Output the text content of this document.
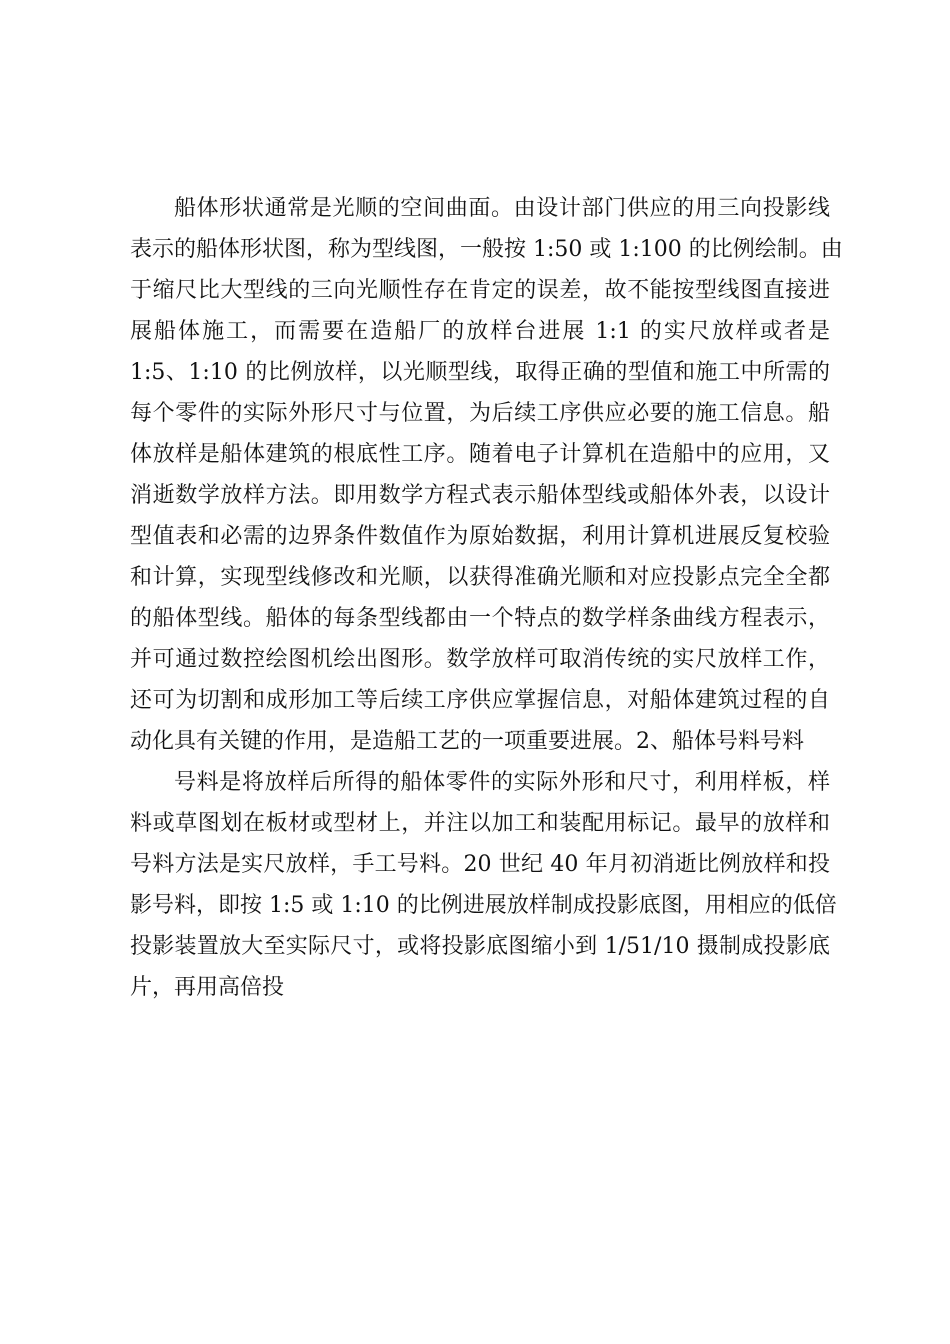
船体形状通常是光顺的空间曲面。由设计部门供应的用三向投影线
表示的船体形状图，称为型线图，一般按 1:50 或 1:100 的比例绘制。由
于缩尺比大型线的三向光顺性存在肯定的误差，故不能按型线图直接进
展船体施工，而需要在造船厂的放样台进展 1:1 的实尺放样或者是
1:5、1:10 的比例放样，以光顺型线，取得正确的型值和施工中所需的
每个零件的实际外形尺寸与位置，为后续工序供应必要的施工信息。船
体放样是船体建筑的根底性工序。随着电子计算机在造船中的应用，又
消逝数学放样方法。即用数学方程式表示船体型线或船体外表，以设计
型值表和必需的边界条件数值作为原始数据，利用计算机进展反复校验
和计算，实现型线修改和光顺，以获得准确光顺和对应投影点完全全都
的船体型线。船体的每条型线都由一个特点的数学样条曲线方程表示，
并可通过数控绘图机绘出图形。数学放样可取消传统的实尺放样工作，
还可为切割和成形加工等后续工序供应掌握信息，对船体建筑过程的自
动化具有关键的作用，是造船工艺的一项重要进展。2、船体号料号料
号料是将放样后所得的船体零件的实际外形和尺寸，利用样板，样
料或草图划在板材或型材上，并注以加工和装配用标记。最早的放样和
号料方法是实尺放样，手工号料。20 世纪 40 年月初消逝比例放样和投
影号料，即按 1:5 或 1:10 的比例进展放样制成投影底图，用相应的低倍
投影装置放大至实际尺寸，或将投影底图缩小到 1/51/10 摄制成投影底
片，再用高倍投
